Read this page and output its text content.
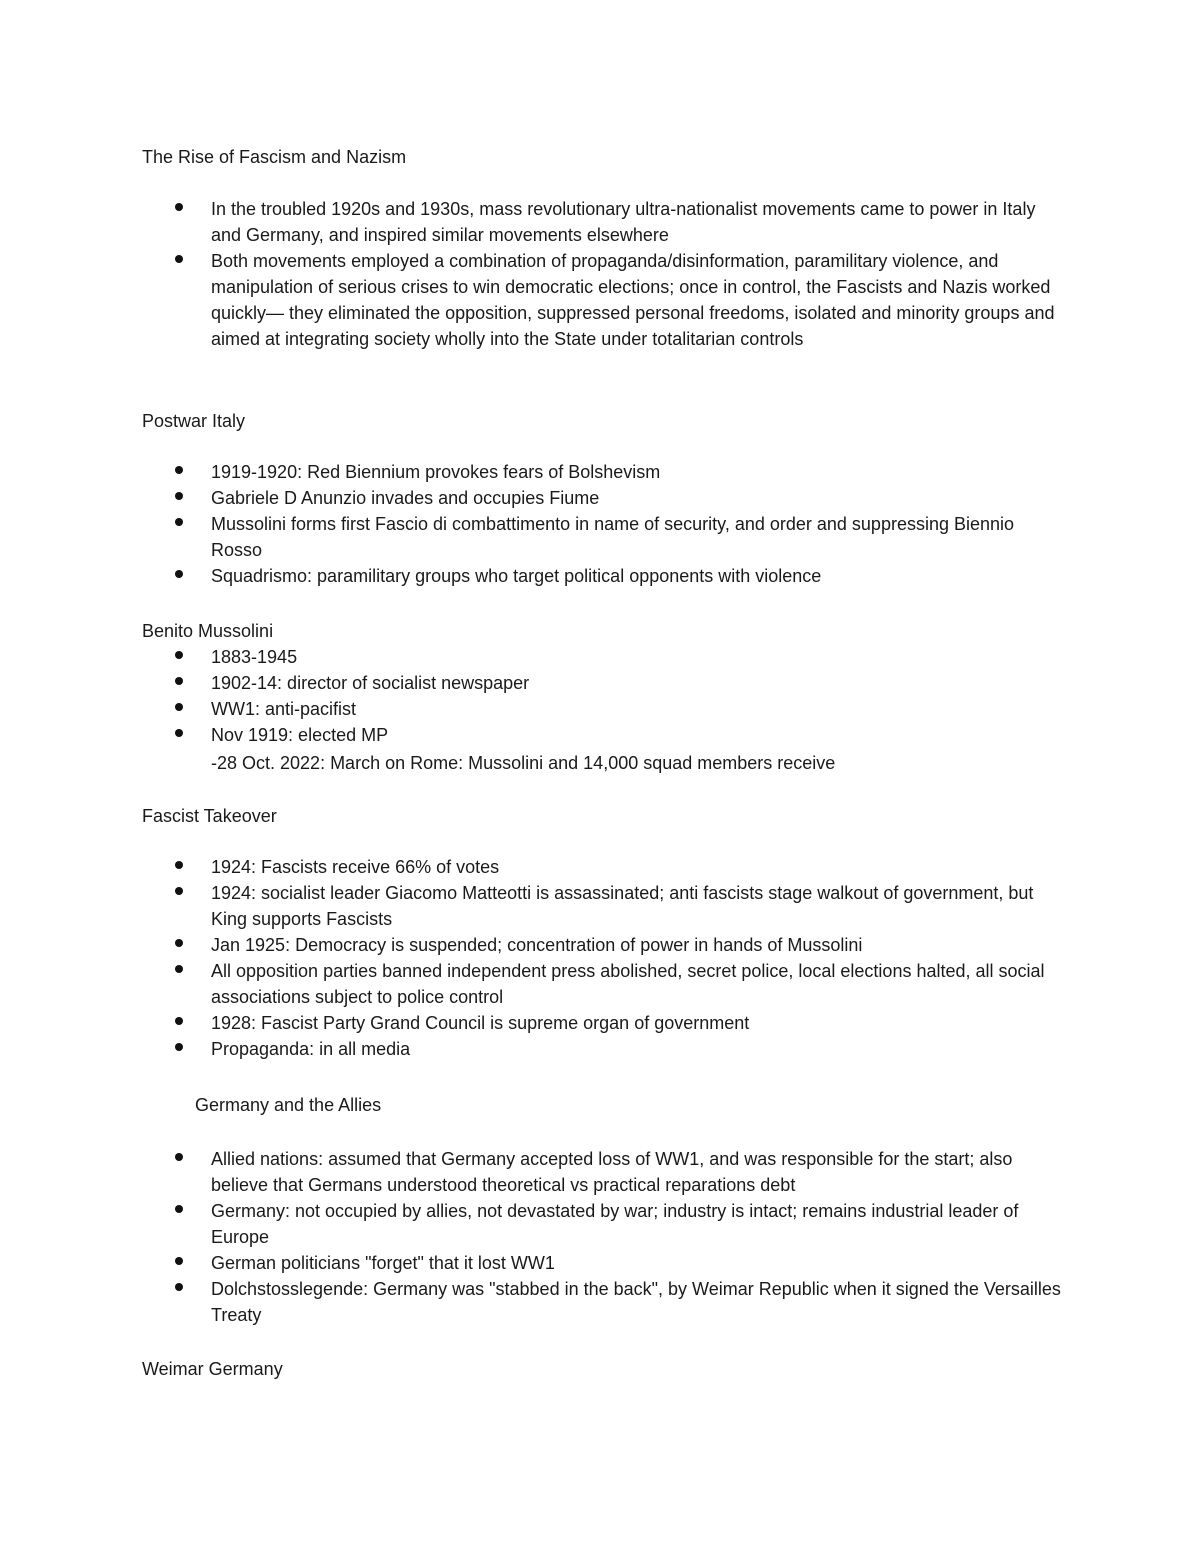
The Rise of Fascism and Nazism
In the troubled 1920s and 1930s, mass revolutionary ultra-nationalist movements came to power in Italy and Germany, and inspired similar movements elsewhere
Both movements employed a combination of propaganda/disinformation, paramilitary violence, and manipulation of serious crises to win democratic elections; once in control, the Fascists and Nazis worked quickly— they eliminated the opposition, suppressed personal freedoms, isolated and minority groups and aimed at integrating society wholly into the State under totalitarian controls
Postwar Italy
1919-1920: Red Biennium provokes fears of Bolshevism
Gabriele D Anunzio invades and occupies Fiume
Mussolini forms first Fascio di combattimento in name of security, and order and suppressing Biennio Rosso
Squadrismo: paramilitary groups who target political opponents with violence
Benito Mussolini
1883-1945
1902-14: director of socialist newspaper
WW1: anti-pacifist
Nov 1919: elected MP
-28 Oct. 2022: March on Rome: Mussolini and 14,000 squad members receive
Fascist Takeover
1924: Fascists receive 66% of votes
1924: socialist leader Giacomo Matteotti is assassinated; anti fascists stage walkout of government, but King supports Fascists
Jan 1925: Democracy is suspended; concentration of power in hands of Mussolini
All opposition parties banned independent press abolished, secret police, local elections halted, all social associations subject to police control
1928: Fascist Party Grand Council is supreme organ of government
Propaganda: in all media
Germany and the Allies
Allied nations: assumed that Germany accepted loss of WW1, and was responsible for the start; also believe that Germans understood theoretical vs practical reparations debt
Germany: not occupied by allies, not devastated by war; industry is intact; remains industrial leader of Europe
German politicians "forget" that it lost WW1
Dolchstosslegende: Germany was "stabbed in the back", by Weimar Republic when it signed the Versailles Treaty
Weimar Germany
